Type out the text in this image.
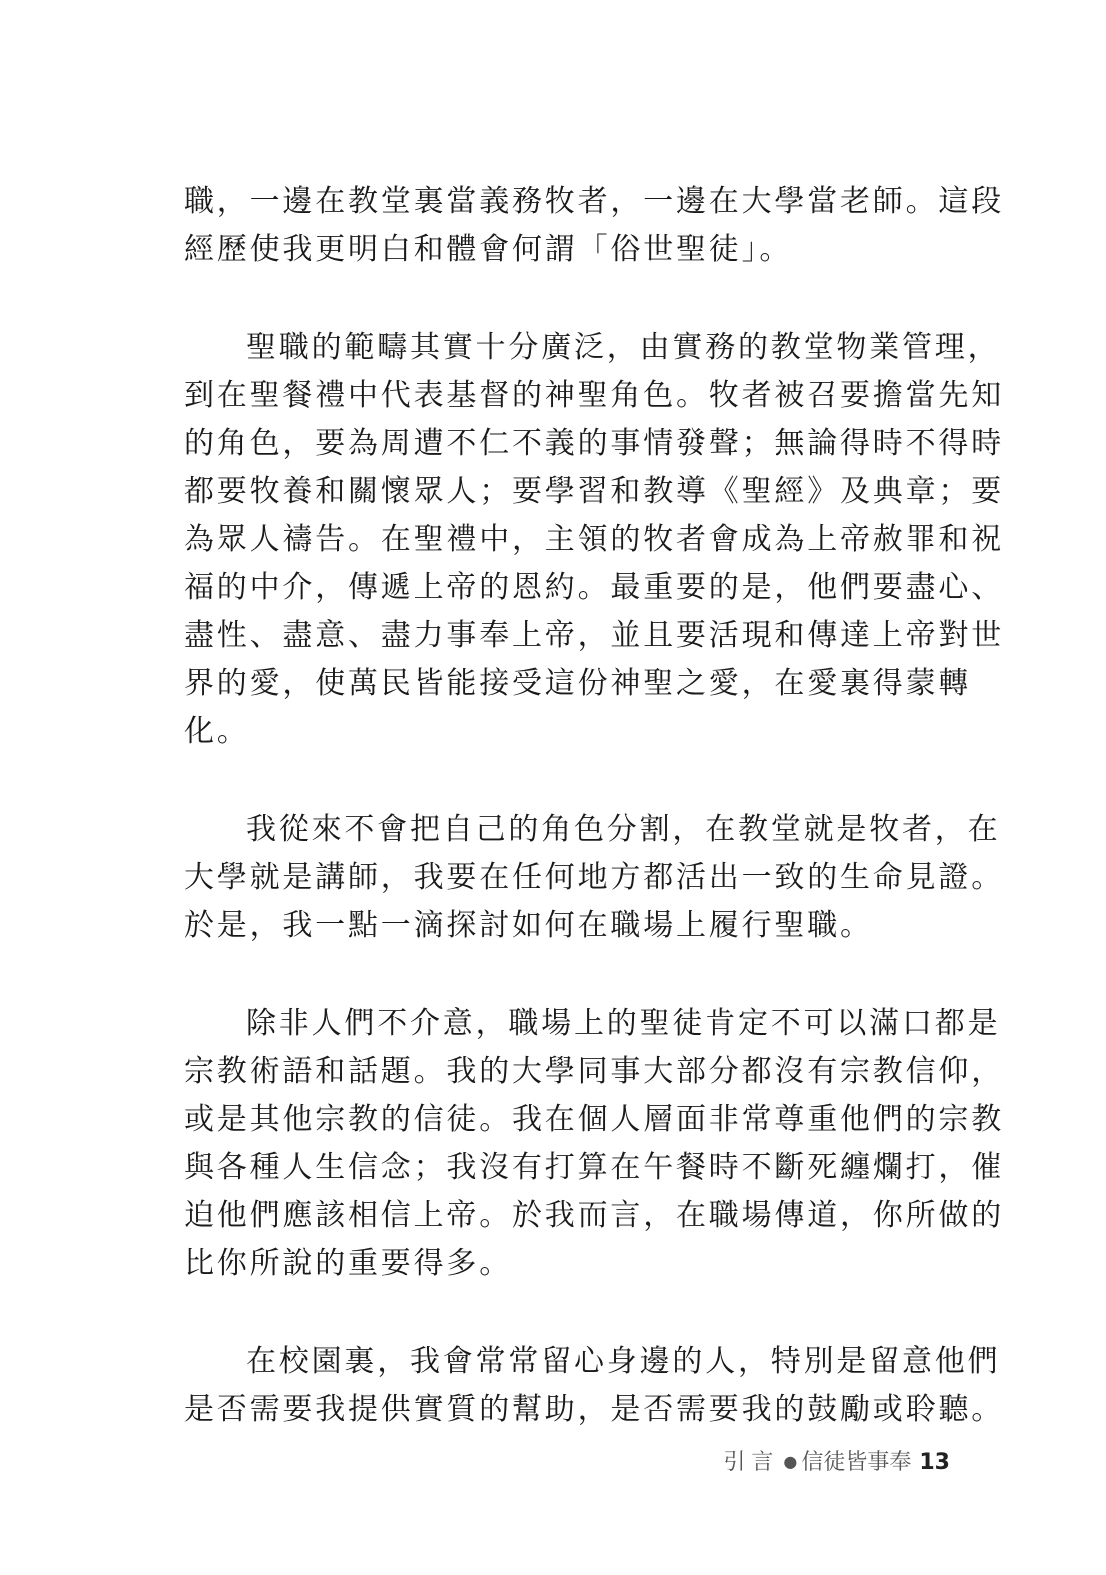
職，一邊在教堂裏當義務牧者，一邊在大學當老師。這段
經歷使我更明白和體會何謂「俗世聖徒」。

聖職的範疇其實十分廣泛，由實務的教堂物業管理，
到在聖餐禮中代表基督的神聖角色。牧者被召要擔當先知
的角色，要為周遭不仁不義的事情發聲；無論得時不得時
都要牧養和關懷眾人；要學習和教導《聖經》及典章；要
為眾人禱告。在聖禮中，主領的牧者會成為上帝赦罪和祝
福的中介，傳遞上帝的恩約。最重要的是，他們要盡心、
盡性、盡意、盡力事奉上帝，並且要活現和傳達上帝對世
界的愛，使萬民皆能接受這份神聖之愛，在愛裏得蒙轉
化。

我從來不會把自己的角色分割，在教堂就是牧者，在
大學就是講師，我要在任何地方都活出一致的生命見證。
於是，我一點一滴探討如何在職場上履行聖職。

除非人們不介意，職場上的聖徒肯定不可以滿口都是
宗教術語和話題。我的大學同事大部分都沒有宗教信仰，
或是其他宗教的信徒。我在個人層面非常尊重他們的宗教
與各種人生信念；我沒有打算在午餐時不斷死纏爛打，催
迫他們應該相信上帝。於我而言，在職場傳道，你所做的
比你所說的重要得多。

在校園裏，我會常常留心身邊的人，特別是留意他們
是否需要我提供實質的幫助，是否需要我的鼓勵或聆聽。

引言 ● 信徒皆事奉 13
